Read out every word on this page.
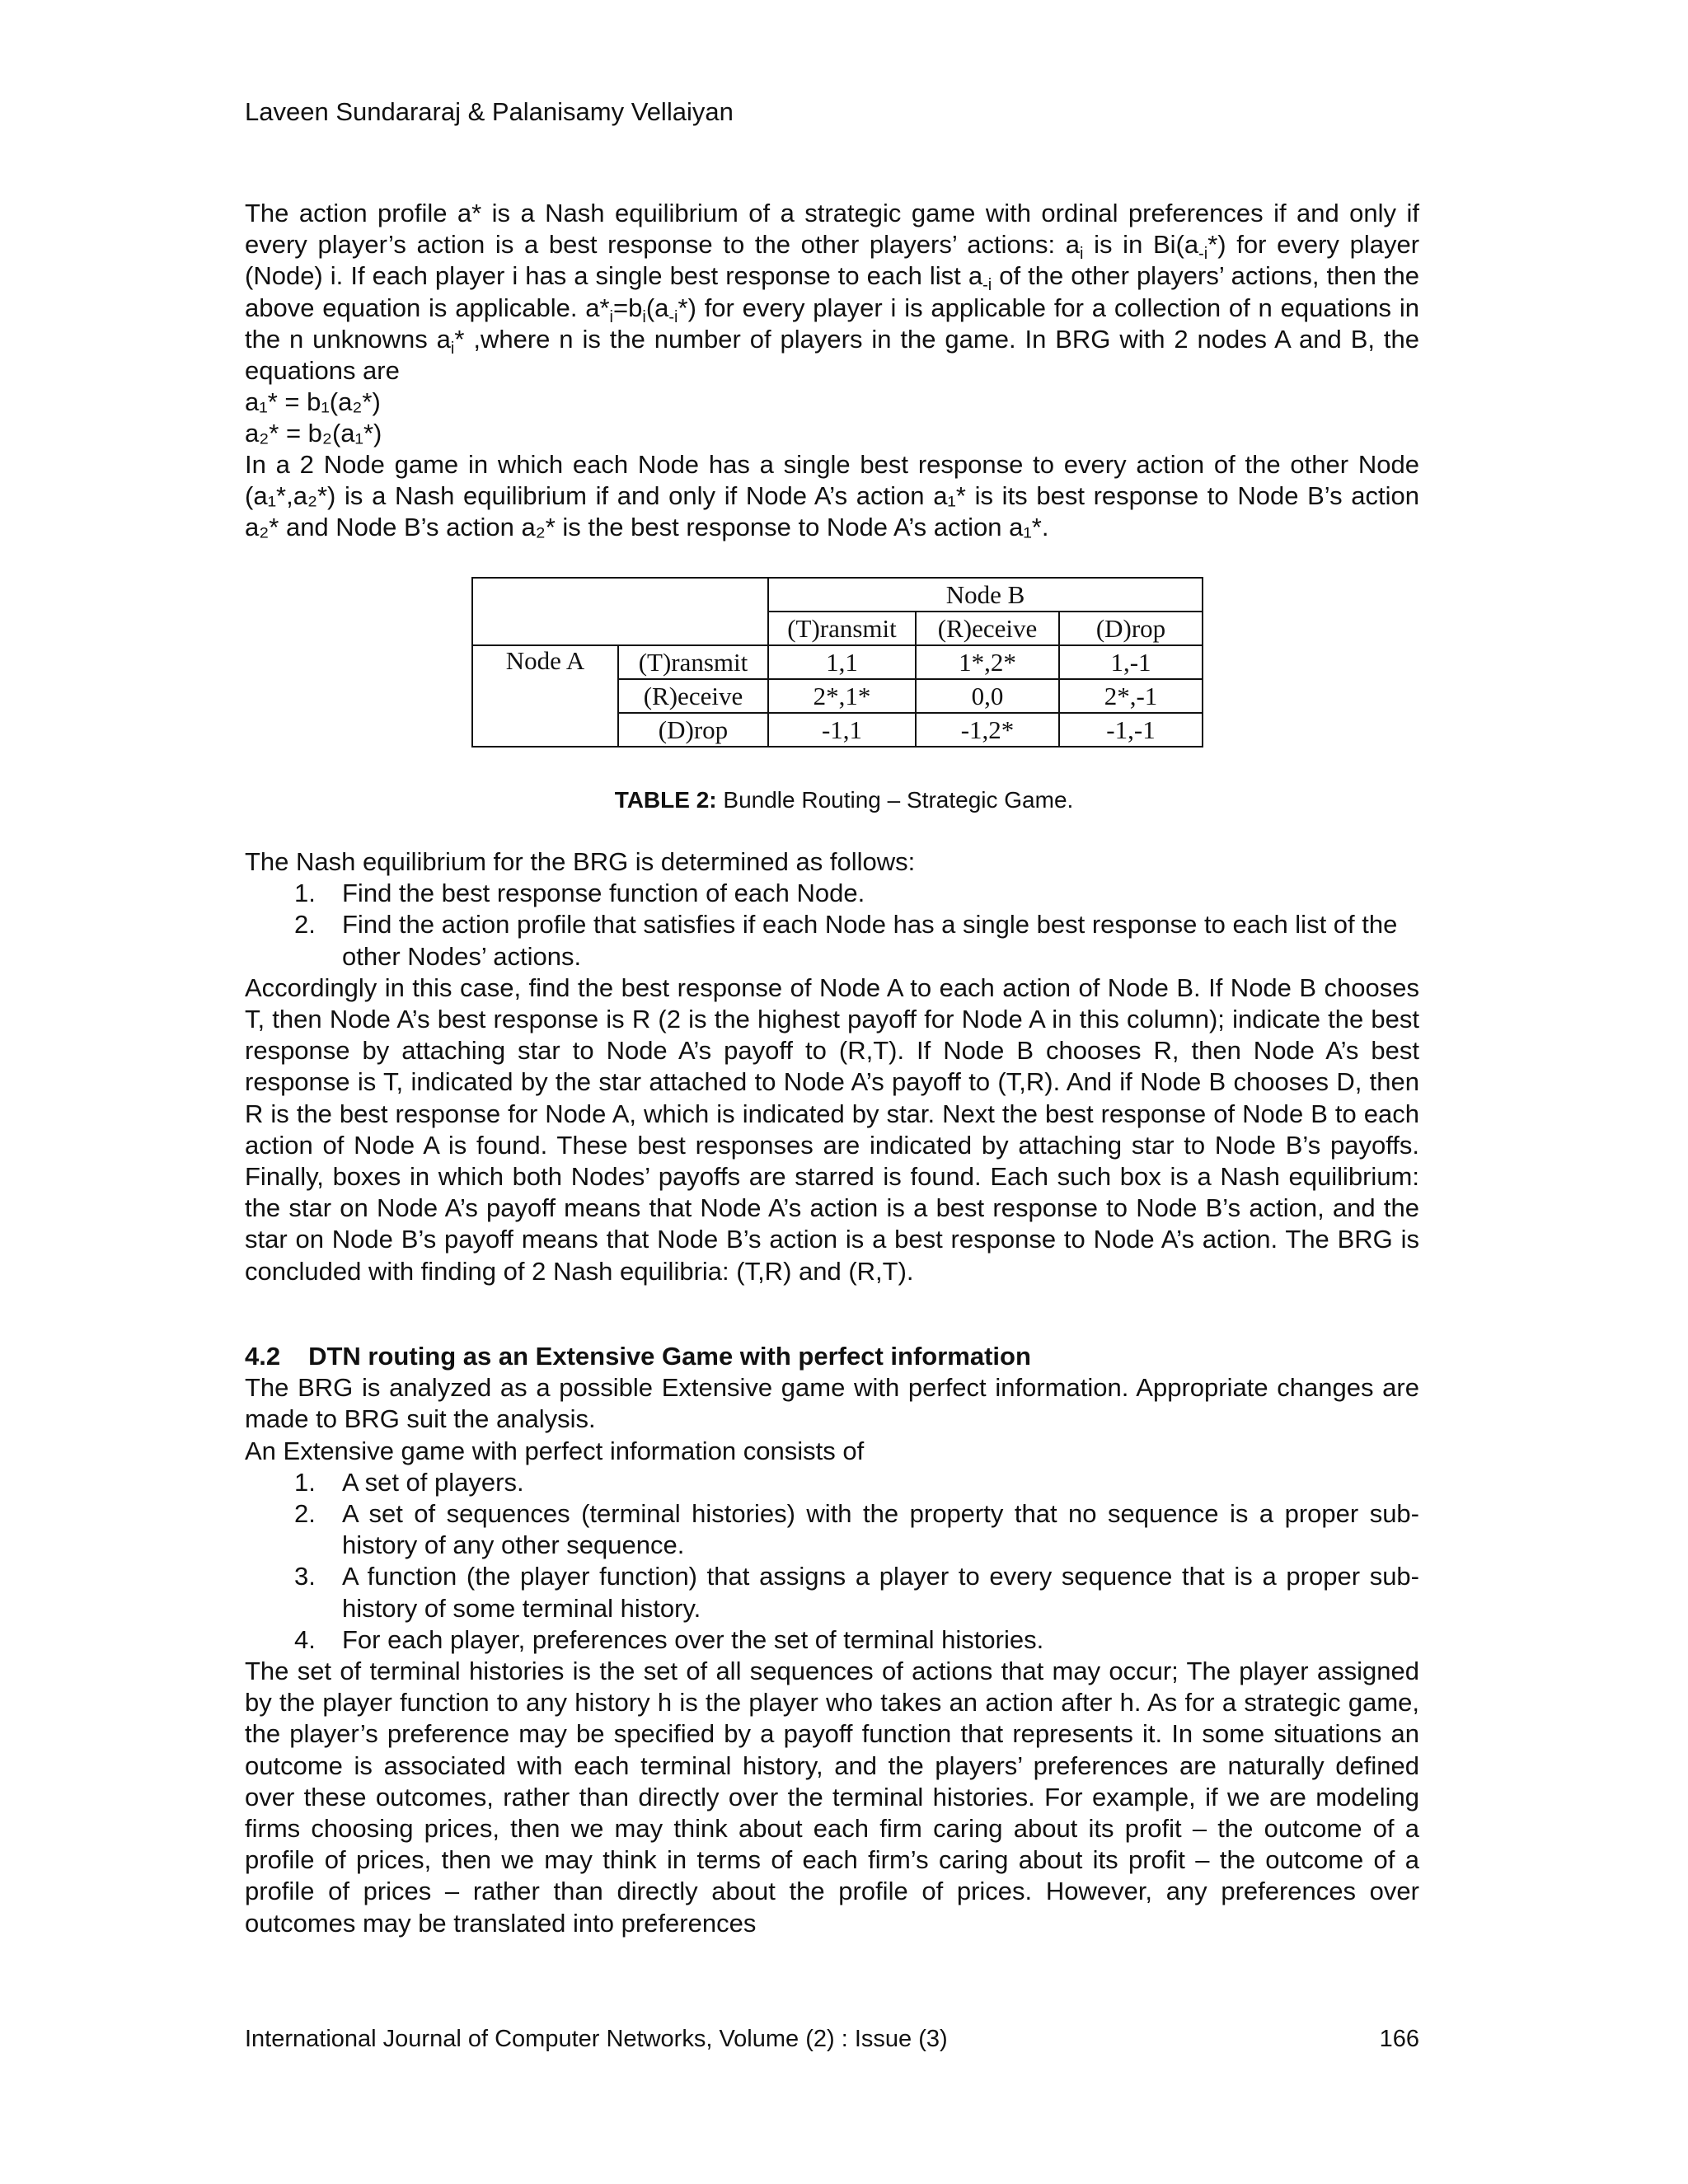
Laveen Sundararaj & Palanisamy Vellaiyan
The action profile a* is a Nash equilibrium of a strategic game with ordinal preferences if and only if every player’s action is a best response to the other players’ actions: $a_i$ is in $Bi(a_{-i}*)$ for every player (Node) i. If each player i has a single best response to each list $a_{-i}$ of the other players’ actions, then the above equation is applicable. $a*_i=b_i(a_{-i}*)$ for every player i is applicable for a collection of n equations in the n unknowns $a_i*$ ,where n is the number of players in the game. In BRG with 2 nodes A and B, the equations are
a₁* = b₁(a₂*)
a₂* = b₂(a₁*)
In a 2 Node game in which each Node has a single best response to every action of the other Node (a₁*,a₂*) is a Nash equilibrium if and only if Node A’s action a₁* is its best response to Node B’s action a₂* and Node B’s action a₂* is the best response to Node A’s action a₁*.
		Node B		
		(T)ransmit	(R)eceive	(D)rop
Node A	(T)ransmit	1,1	1*,2*	1,-1
	(R)eceive	2*,1*	0,0	2*,-1
	(D)rop	-1,1	-1,2*	-1,-1
TABLE 2: Bundle Routing – Strategic Game.
The Nash equilibrium for the BRG is determined as follows:
1. Find the best response function of each Node.
2. Find the action profile that satisfies if each Node has a single best response to each list of the other Nodes’ actions.
Accordingly in this case, find the best response of Node A to each action of Node B. If Node B chooses T, then Node A’s best response is R (2 is the highest payoff for Node A in this column); indicate the best response by attaching star to Node A’s payoff to (R,T). If Node B chooses R, then Node A’s best response is T, indicated by the star attached to Node A’s payoff to (T,R). And if Node B chooses D, then R is the best response for Node A, which is indicated by star. Next the best response of Node B to each action of Node A is found. These best responses are indicated by attaching star to Node B’s payoffs. Finally, boxes in which both Nodes’ payoffs are starred is found. Each such box is a Nash equilibrium: the star on Node A’s payoff means that Node A’s action is a best response to Node B’s action, and the star on Node B’s payoff means that Node B’s action is a best response to Node A’s action. The BRG is concluded with finding of 2 Nash equilibria: (T,R) and (R,T).
4.2 DTN routing as an Extensive Game with perfect information
The BRG is analyzed as a possible Extensive game with perfect information. Appropriate changes are made to BRG suit the analysis.
An Extensive game with perfect information consists of
1. A set of players.
2. A set of sequences (terminal histories) with the property that no sequence is a proper sub-history of any other sequence.
3. A function (the player function) that assigns a player to every sequence that is a proper sub-history of some terminal history.
4. For each player, preferences over the set of terminal histories.
The set of terminal histories is the set of all sequences of actions that may occur; The player assigned by the player function to any history h is the player who takes an action after h. As for a strategic game, the player’s preference may be specified by a payoff function that represents it. In some situations an outcome is associated with each terminal history, and the players’ preferences are naturally defined over these outcomes, rather than directly over the terminal histories. For example, if we are modeling firms choosing prices, then we may think about each firm caring about its profit – the outcome of a profile of prices, then we may think in terms of each firm’s caring about its profit – the outcome of a profile of prices – rather than directly about the profile of prices. However, any preferences over outcomes may be translated into preferences
International Journal of Computer Networks, Volume (2) : Issue (3)	166
